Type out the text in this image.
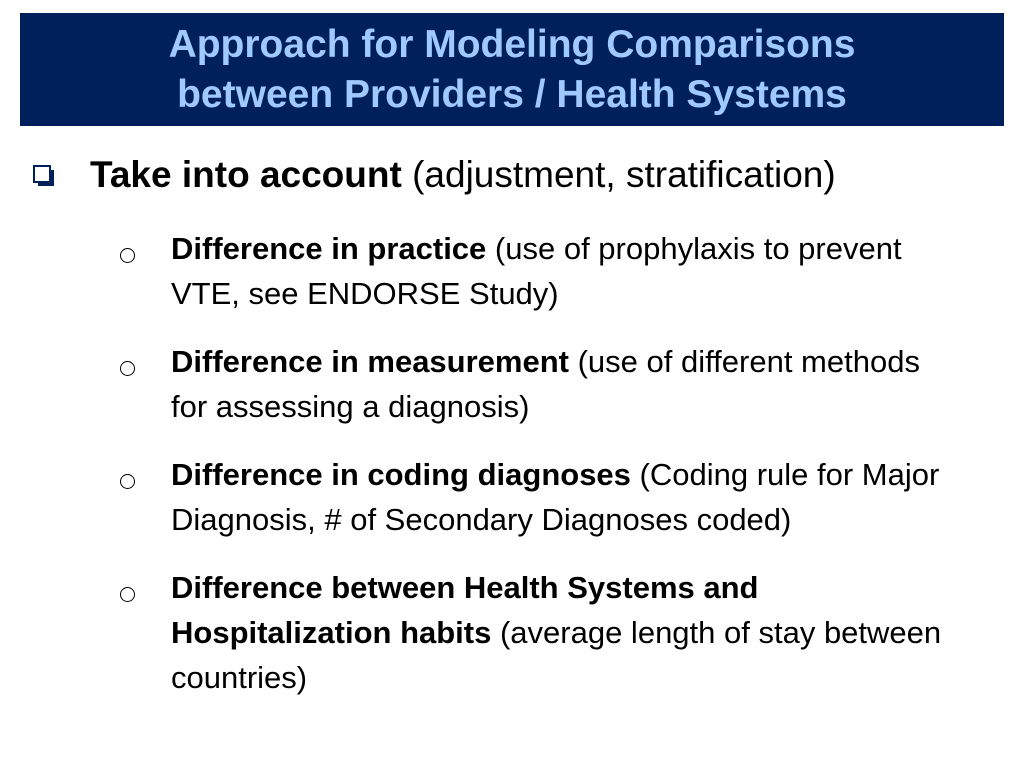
Approach for Modeling Comparisons
between Providers / Health Systems
Take into account (adjustment, stratification)
Difference in practice (use of prophylaxis to prevent VTE, see ENDORSE Study)
Difference in measurement (use of different methods for assessing a diagnosis)
Difference in coding diagnoses (Coding rule for Major Diagnosis, # of Secondary Diagnoses coded)
Difference between Health Systems and Hospitalization habits (average length of stay between countries)
